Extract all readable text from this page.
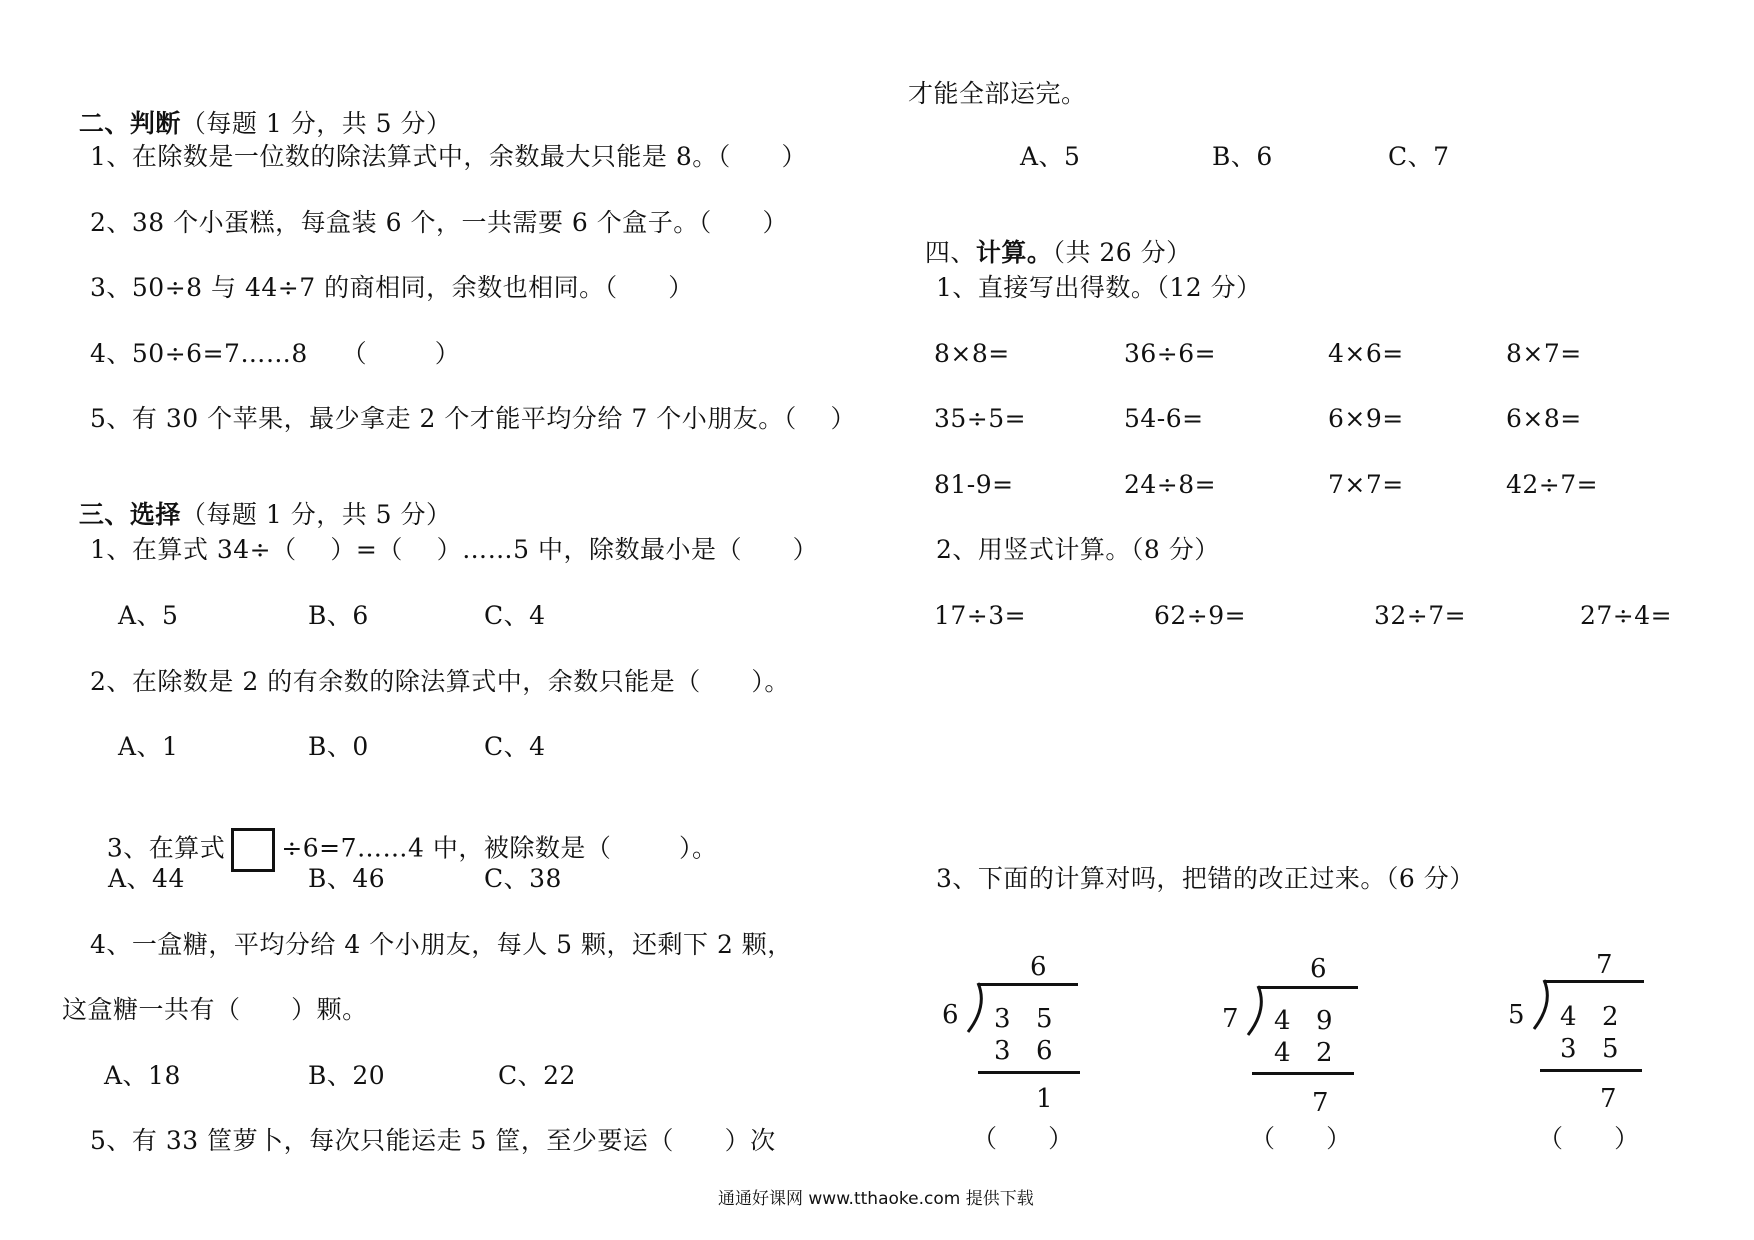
二、判断（每题 1 分，共 5 分）

1、在除数是一位数的除法算式中，余数最大只能是 8。（      ）
2、38 个小蛋糕，每盒装 6 个，一共需要 6 个盒子。（      ）
3、50÷8 与 44÷7 的商相同，余数也相同。（      ）
4、50÷6=7……8    （        ）
5、有 30 个苹果，最少拿走 2 个才能平均分给 7 个小朋友。（    ）

三、选择（每题 1 分，共 5 分）

1、在算式 34÷（    ）=（    ）……5 中，除数最小是（      ）
A、5	B、6	C、4
2、在除数是 2 的有余数的除法算式中，余数只能是（      ）。
A、1	B、0	C、4

3、在算式 ÷6=7……4 中，被除数是（        ）。

A、44	B、46	C、38
4、一盒糖，平均分给 4 个小朋友，每人 5 颗，还剩下 2 颗，
这盒糖一共有（      ）颗。
A、18	B、20	C、22
5、有 33 筐萝卜，每次只能运走 5 筐，至少要运（      ）次
才能全部运完。
A、5	B、6	C、7

四、计算。（共 26 分）

1、直接写出得数。（12 分）
8×8=	36÷6=	4×6=	8×7=
35÷5=	54-6=	6×9=	6×8=
81-9=	24÷8=	7×7=	42÷7=
2、用竖式计算。（8 分）
17÷3=	62÷9=	32÷7=	27÷4=
3、下面的计算对吗，把错的改正过来。（6 分）
6
6 3 5
3 6
1
（      ）
6
7 4 9
4 2
7
（      ）
7
5 4 2
3 5
7
（      ）
通通好课网 www.tthaoke.com 提供下载
